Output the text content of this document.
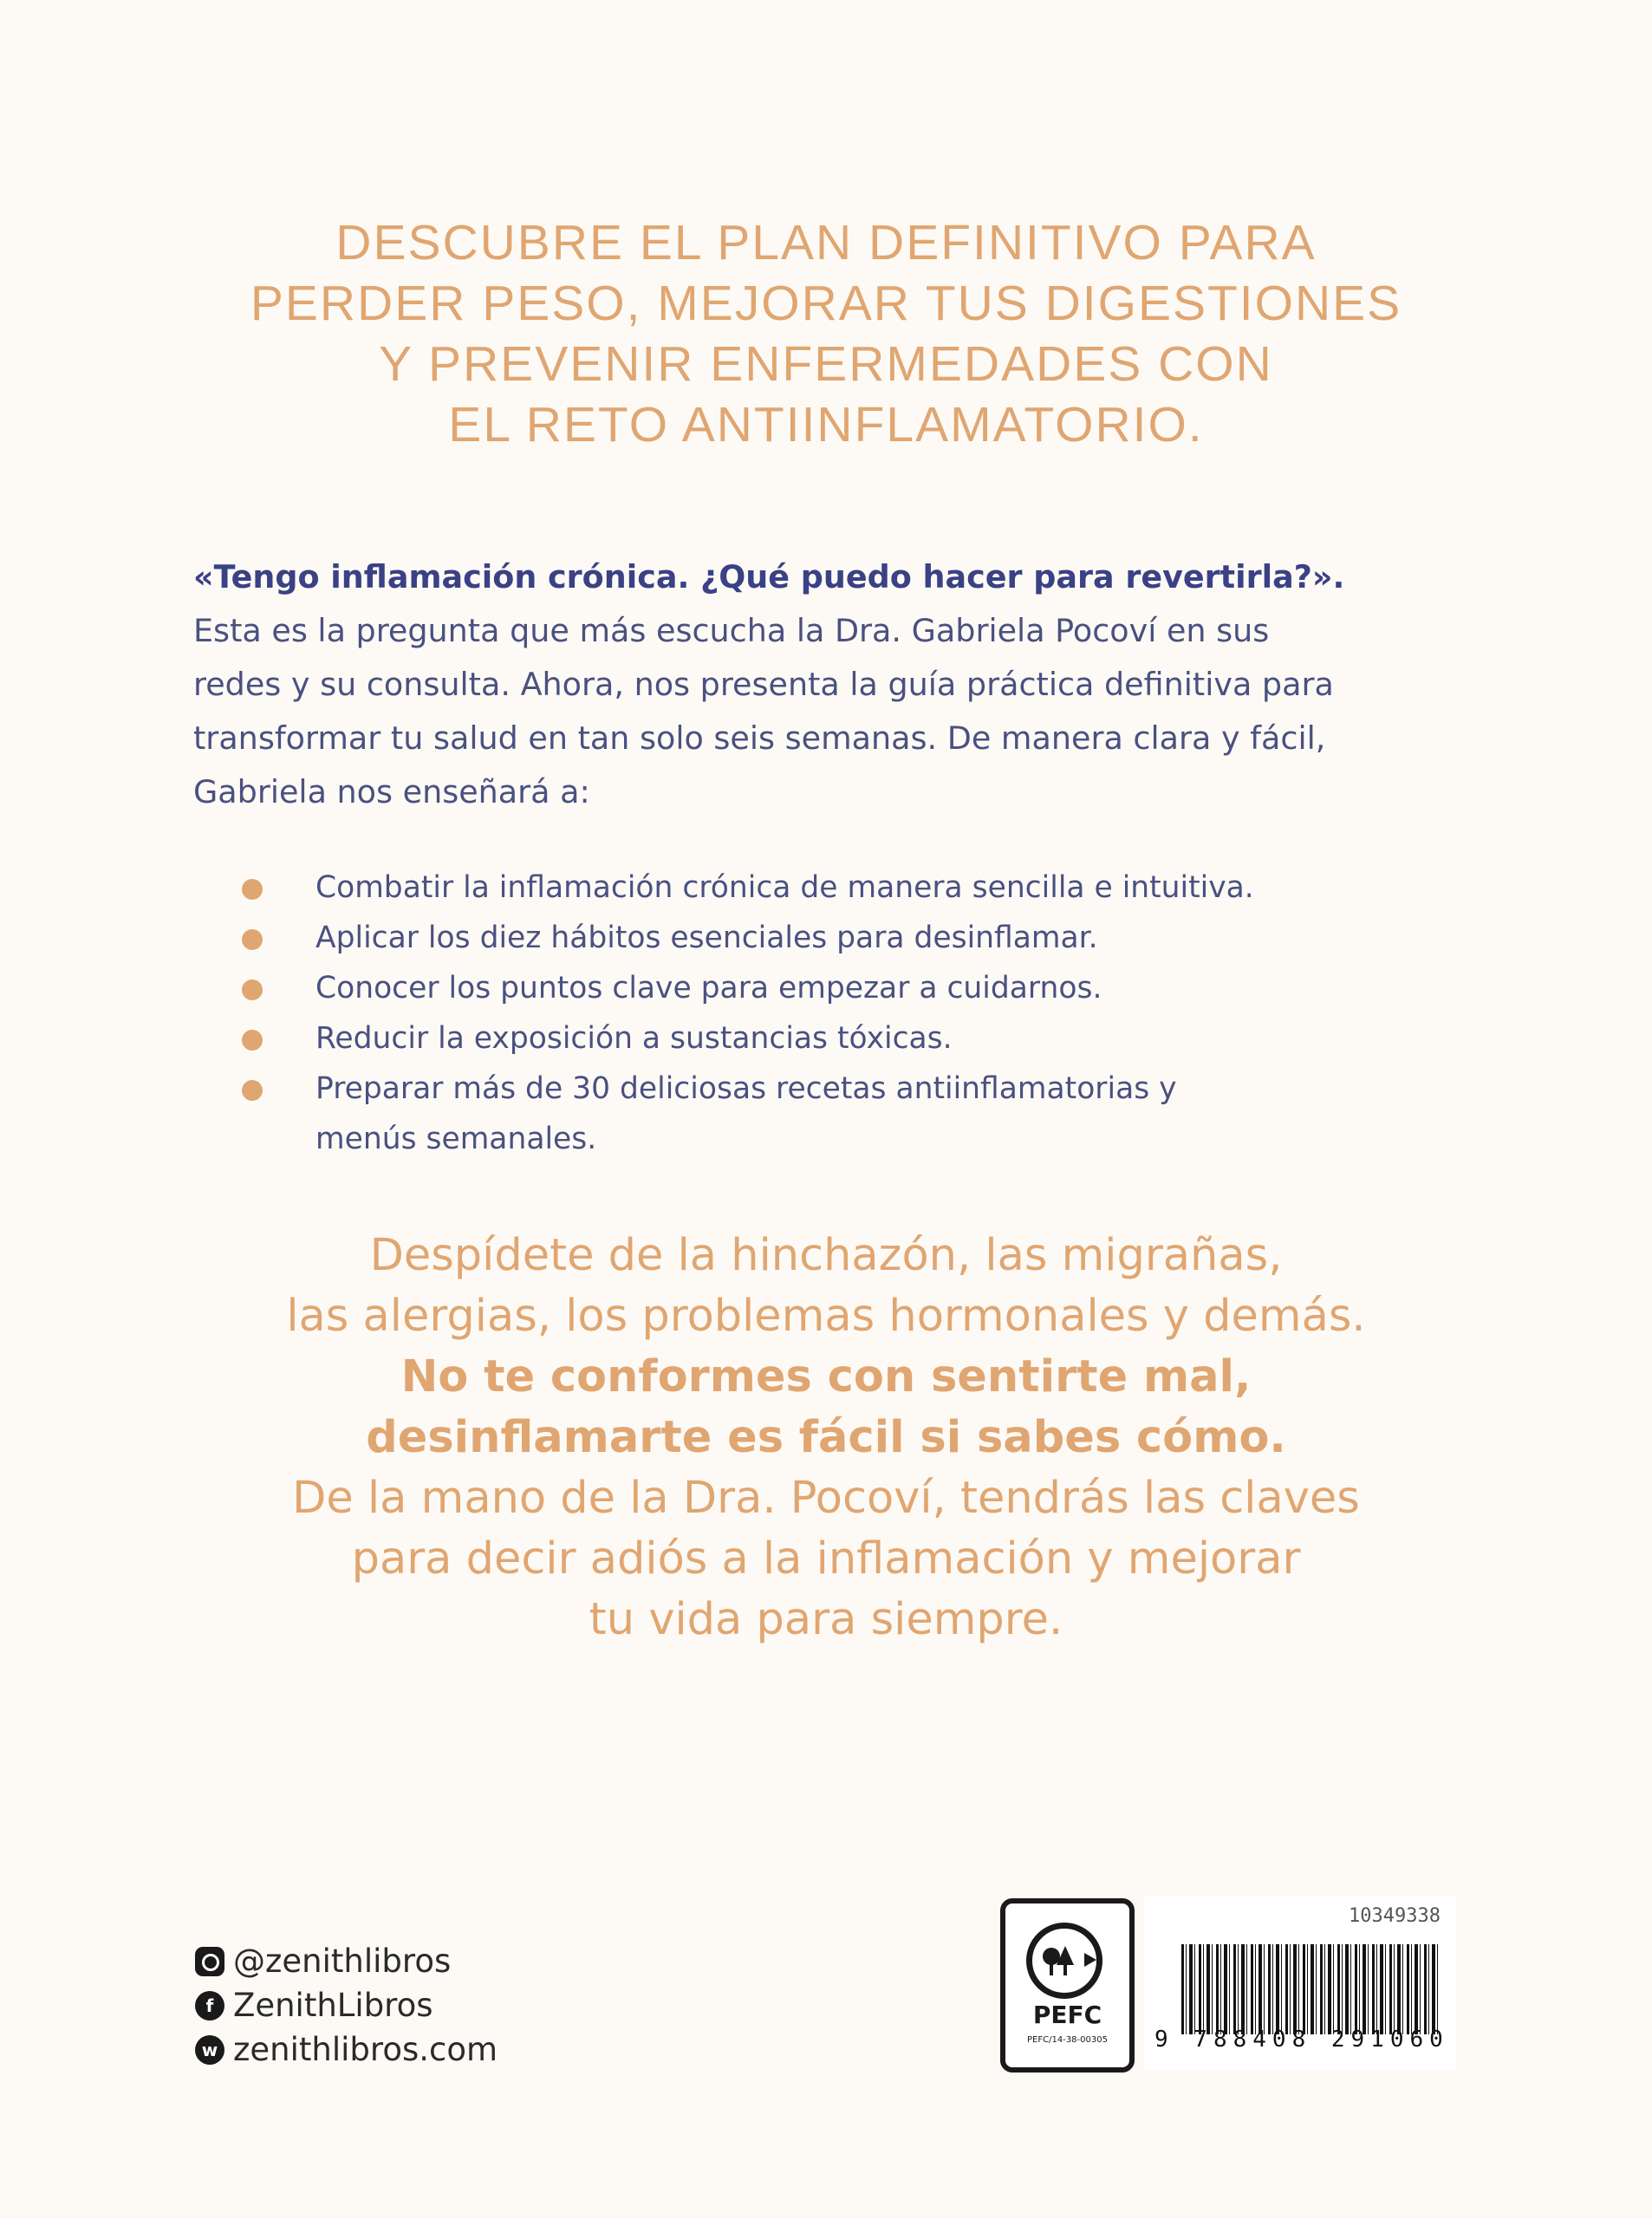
DESCUBRE EL PLAN DEFINITIVO PARA
PERDER PESO, MEJORAR TUS DIGESTIONES
Y PREVENIR ENFERMEDADES CON
EL RETO ANTIINFLAMATORIO.
«Tengo inflamación crónica. ¿Qué puedo hacer para revertirla?».
Esta es la pregunta que más escucha la Dra. Gabriela Pocoví en sus
redes y su consulta. Ahora, nos presenta la guía práctica definitiva para
transformar tu salud en tan solo seis semanas. De manera clara y fácil,
Gabriela nos enseñará a:
Combatir la inflamación crónica de manera sencilla e intuitiva.
Aplicar los diez hábitos esenciales para desinflamar.
Conocer los puntos clave para empezar a cuidarnos.
Reducir la exposición a sustancias tóxicas.
Preparar más de 30 deliciosas recetas antiinflamatorias y
menús semanales.
Despídete de la hinchazón, las migrañas,
las alergias, los problemas hormonales y demás.
No te conformes con sentirte mal,
desinflamarte es fácil si sabes cómo.
De la mano de la Dra. Pocoví, tendrás las claves
para decir adiós a la inflamación y mejorar
tu vida para siempre.
@zenithlibros
f ZenithLibros
w zenithlibros.com
PEFC
PEFC/14-38-00305
10349338
9 788408 291060
